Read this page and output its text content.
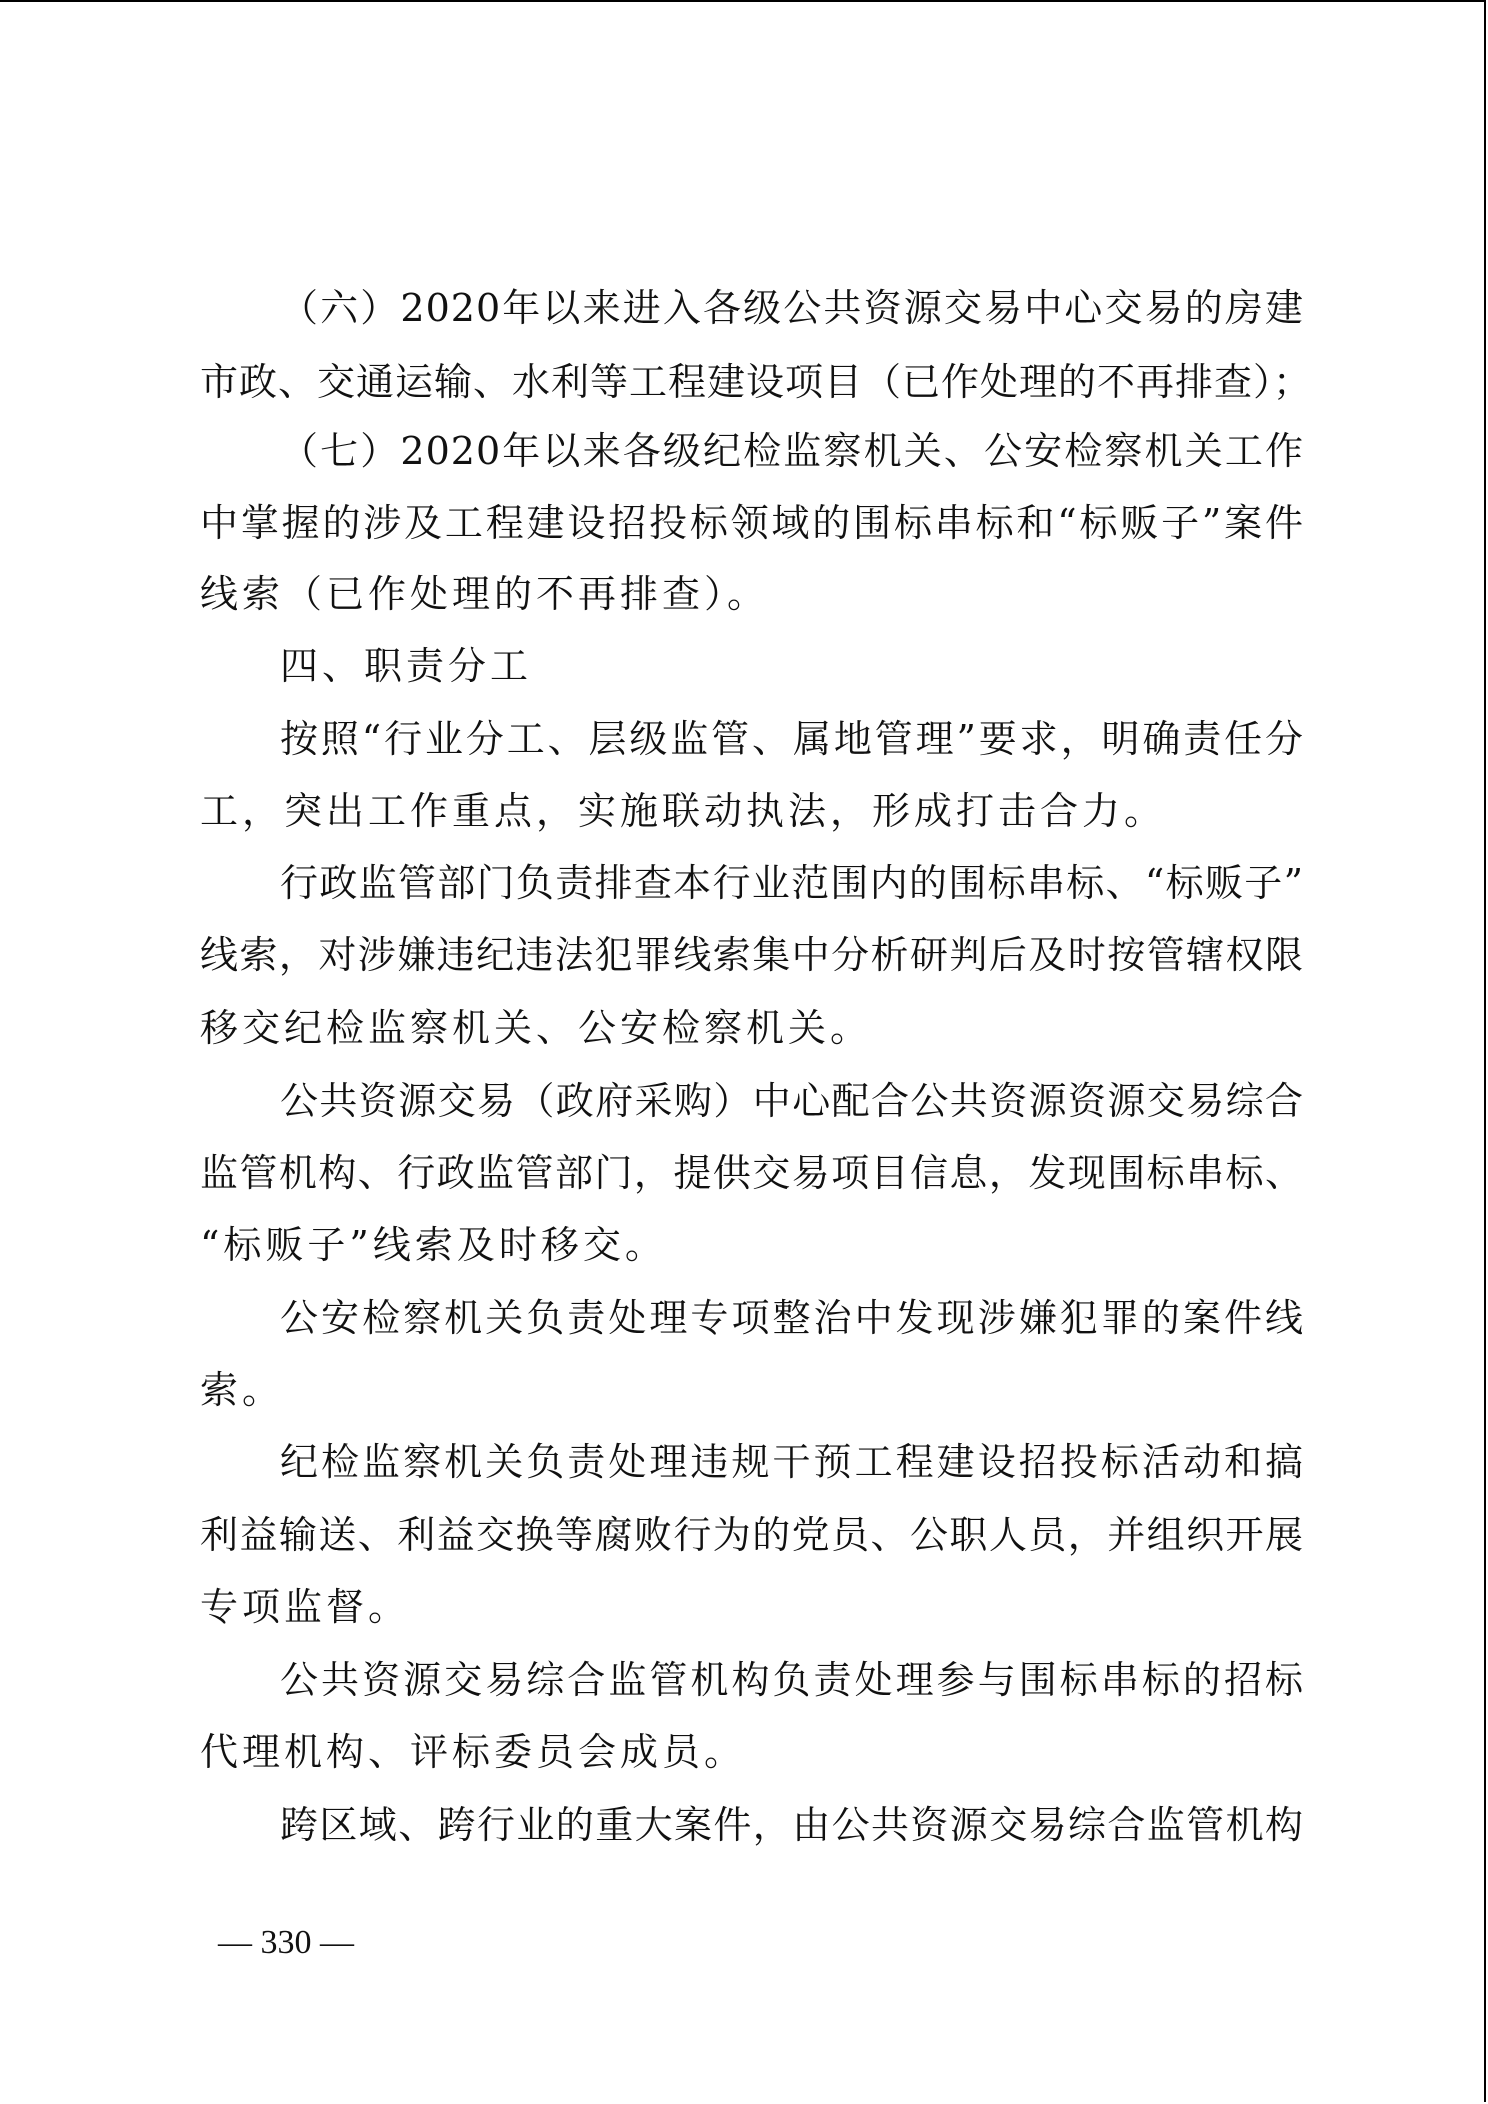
（六）2020年以来进入各级公共资源交易中心交易的房建
市政、交通运输、水利等工程建设项目（已作处理的不再排查）；
（七）2020年以来各级纪检监察机关、公安检察机关工作
中掌握的涉及工程建设招投标领域的围标串标和“标贩子”案件
线索（已作处理的不再排查）。
四、职责分工
按照“行业分工、层级监管、属地管理”要求，明确责任分
工，突出工作重点，实施联动执法，形成打击合力。
行政监管部门负责排查本行业范围内的围标串标、“标贩子”
线索，对涉嫌违纪违法犯罪线索集中分析研判后及时按管辖权限
移交纪检监察机关、公安检察机关。
公共资源交易（政府采购）中心配合公共资源资源交易综合
监管机构、行政监管部门，提供交易项目信息，发现围标串标、
“标贩子”线索及时移交。
公安检察机关负责处理专项整治中发现涉嫌犯罪的案件线
索。
纪检监察机关负责处理违规干预工程建设招投标活动和搞
利益输送、利益交换等腐败行为的党员、公职人员，并组织开展
专项监督。
公共资源交易综合监管机构负责处理参与围标串标的招标
代理机构、评标委员会成员。
跨区域、跨行业的重大案件，由公共资源交易综合监管机构
— 330 —
